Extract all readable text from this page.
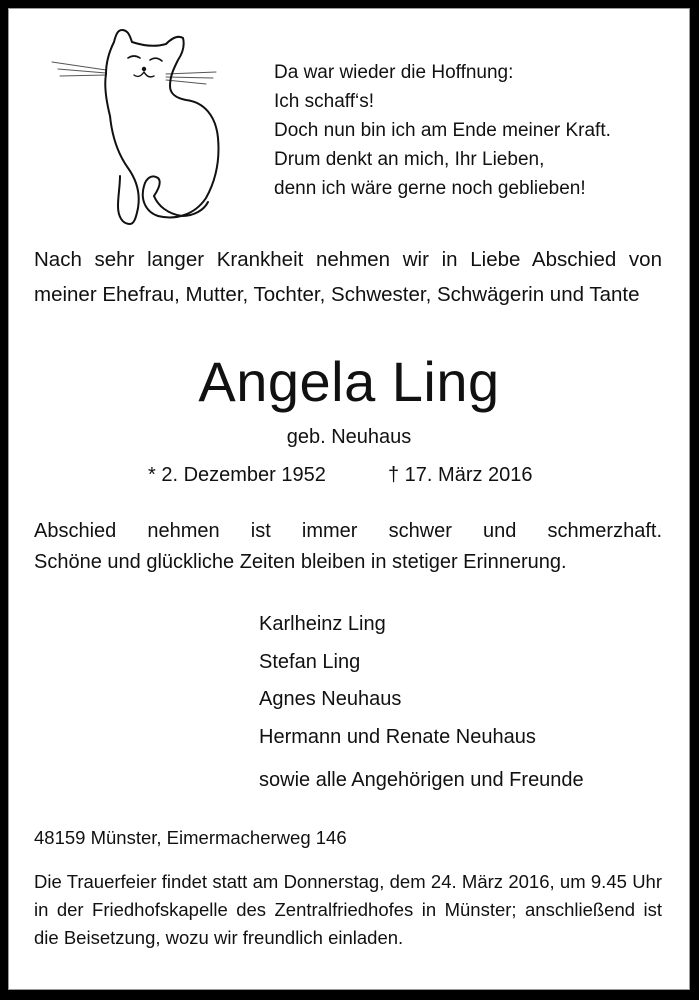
Da war wieder die Hoffnung:
Ich schaff‘s!
Doch nun bin ich am Ende meiner Kraft.
Drum denkt an mich, Ihr Lieben,
denn ich wäre gerne noch geblieben!
Nach sehr langer Krankheit nehmen wir in Liebe Abschied von meiner Ehefrau, Mutter, Tochter, Schwester, Schwägerin und Tante
Angela Ling
geb. Neuhaus
* 2. Dezember 1952	† 17. März 2016
Abschied nehmen ist immer schwer und schmerzhaft.
Schöne und glückliche Zeiten bleiben in stetiger Erinnerung.
Karlheinz Ling
Stefan Ling
Agnes Neuhaus
Hermann und Renate Neuhaus
sowie alle Angehörigen und Freunde
48159 Münster, Eimermacherweg 146
Die Trauerfeier findet statt am Donnerstag, dem 24. März 2016, um 9.45 Uhr in der Friedhofskapelle des Zentralfriedhofes in Münster; anschließend ist die Beisetzung, wozu wir freundlich einladen.
